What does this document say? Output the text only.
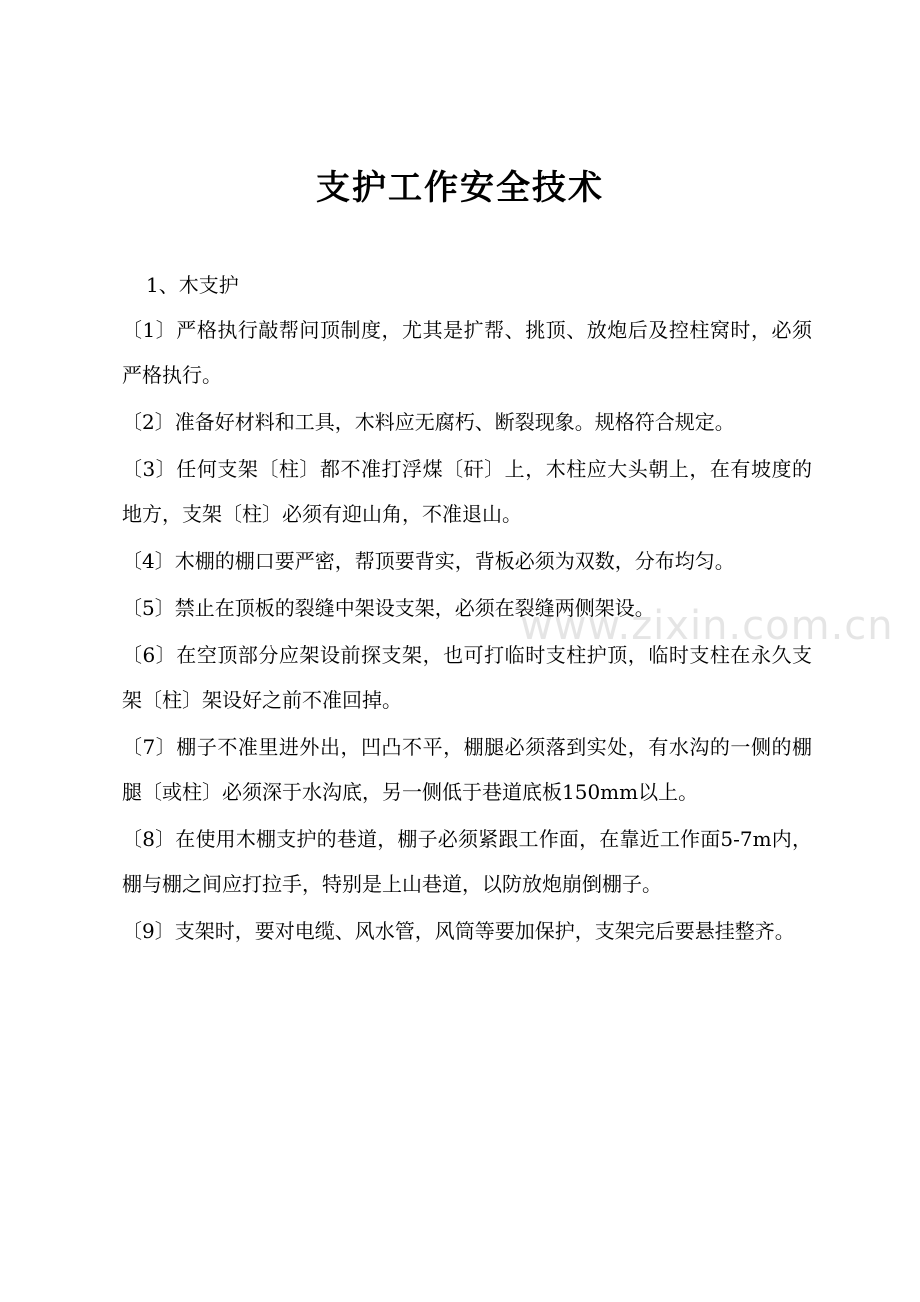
支护工作安全技术

1、木支护

〔1〕严格执行敲帮问顶制度，尤其是扩帮、挑顶、放炮后及控柱窝时，必须严格执行。

〔2〕准备好材料和工具，木料应无腐朽、断裂现象。规格符合规定。

〔3〕任何支架〔柱〕都不准打浮煤〔矸〕上，木柱应大头朝上，在有坡度的地方，支架〔柱〕必须有迎山角，不准退山。

〔4〕木棚的棚口要严密，帮顶要背实，背板必须为双数，分布均匀。

〔5〕禁止在顶板的裂缝中架设支架，必须在裂缝两侧架设。

〔6〕在空顶部分应架设前探支架，也可打临时支柱护顶，临时支柱在永久支架〔柱〕架设好之前不准回掉。

〔7〕棚子不准里进外出，凹凸不平，棚腿必须落到实处，有水沟的一侧的棚腿〔或柱〕必须深于水沟底，另一侧低于巷道底板150mm以上。

〔8〕在使用木棚支护的巷道，棚子必须紧跟工作面，在靠近工作面5-7m内，棚与棚之间应打拉手，特别是上山巷道，以防放炮崩倒棚子。

〔9〕支架时，要对电缆、风水管，风筒等要加保护，支架完后要悬挂整齐。

www.zixin.com.cn
